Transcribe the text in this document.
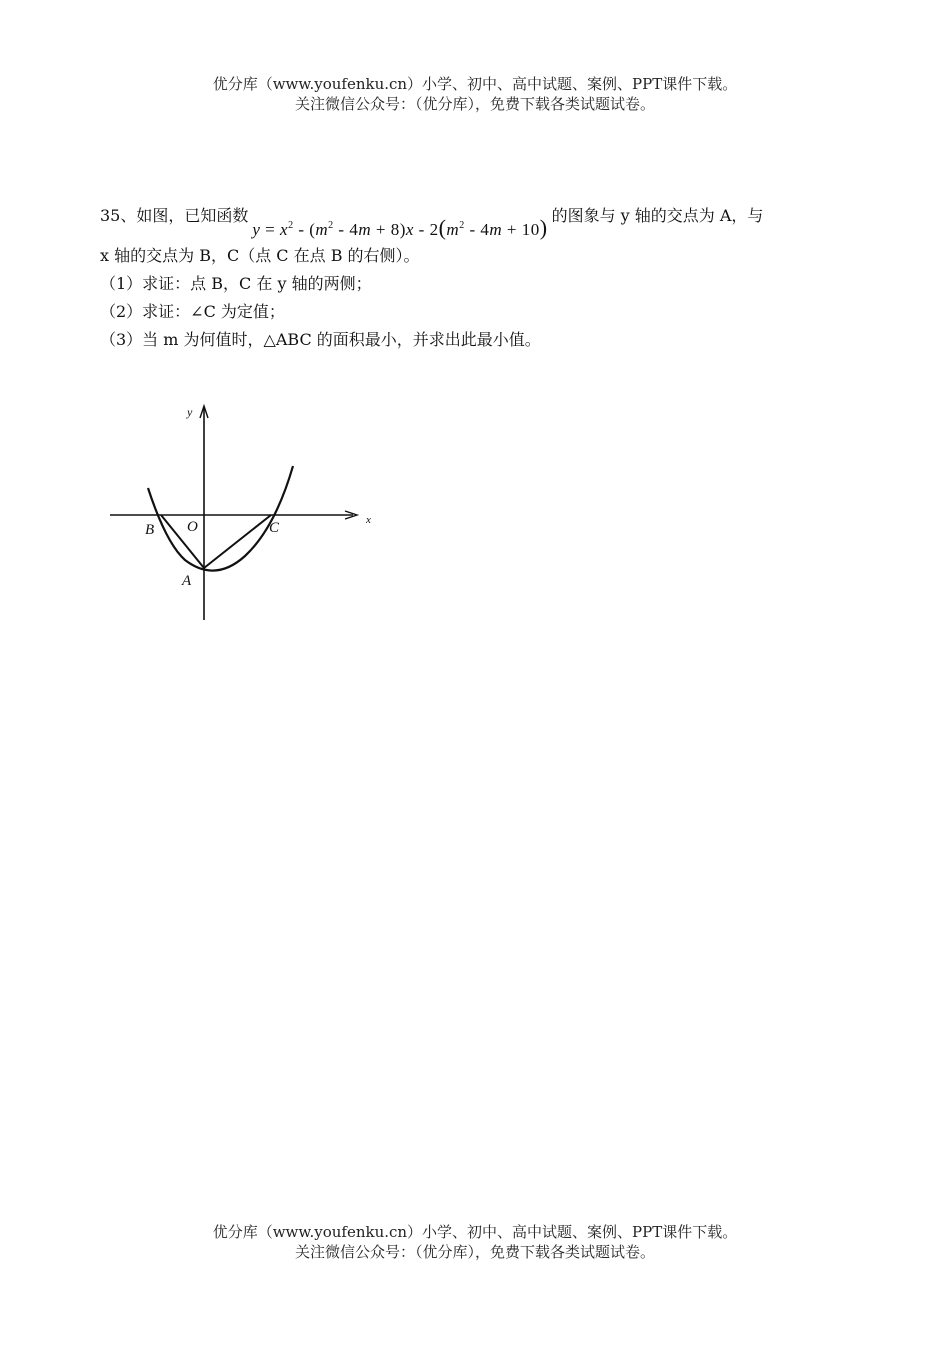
优分库（www.youfenku.cn）小学、初中、高中试题、案例、PPT课件下载。
关注微信公众号：（优分库），免费下载各类试题试卷。
35、如图，已知函数$y = x^2 - (m^2 - 4m + 8)x - 2(m^2 - 4m + 10)$ 的图象与 y 轴的交点为 A，与
x 轴的交点为 B，C（点 C 在点 B 的右侧）。
（1）求证：点 B，C 在 y 轴的两侧；
（2）求证：∠C 为定值；
（3）当 m 为何值时，△ABC 的面积最小，并求出此最小值。
y
x
B O	C
A
优分库（www.youfenku.cn）小学、初中、高中试题、案例、PPT课件下载。
关注微信公众号：（优分库），免费下载各类试题试卷。
